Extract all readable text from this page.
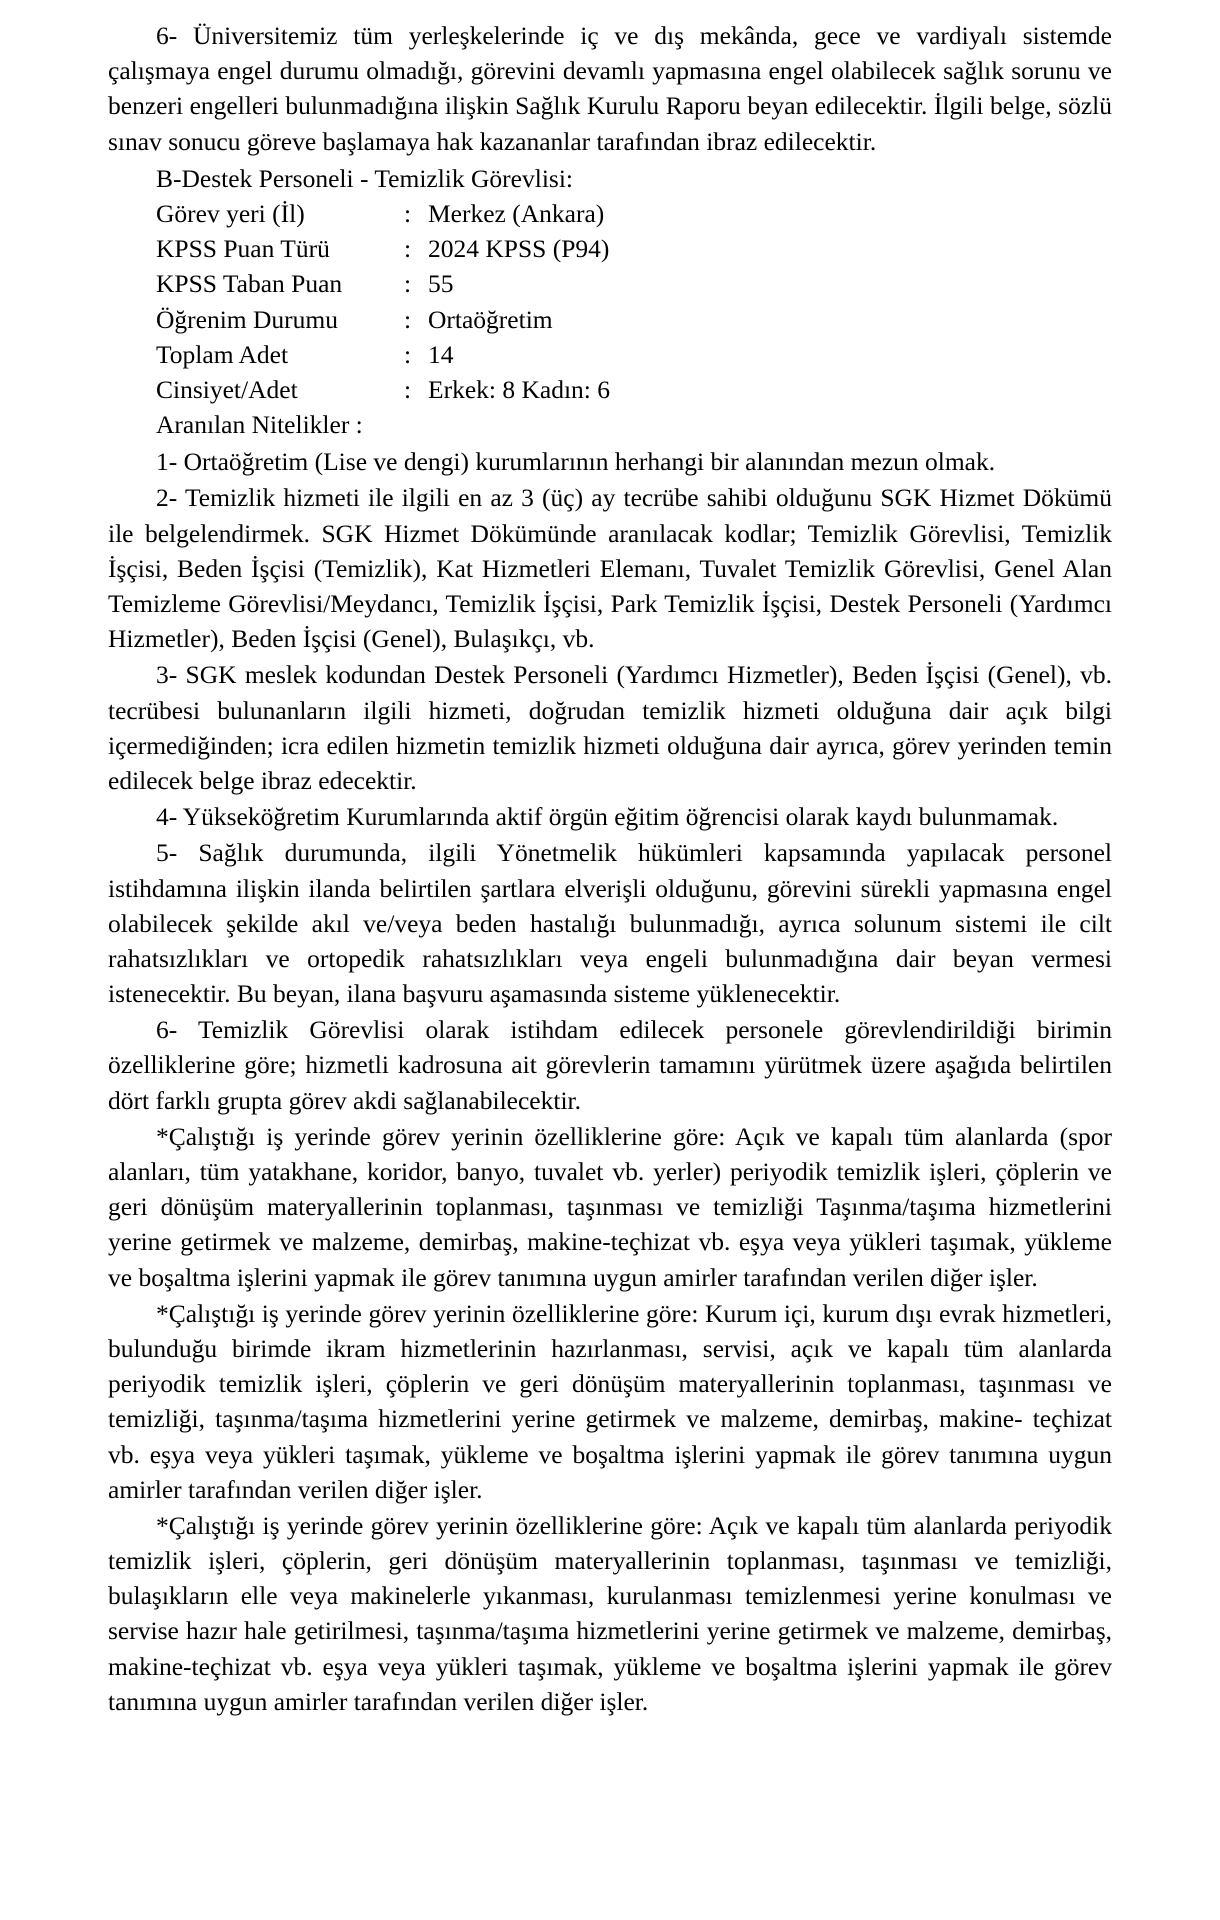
6- Üniversitemiz tüm yerleşkelerinde iç ve dış mekânda, gece ve vardiyalı sistemde çalışmaya engel durumu olmadığı, görevini devamlı yapmasına engel olabilecek sağlık sorunu ve benzeri engelleri bulunmadığına ilişkin Sağlık Kurulu Raporu beyan edilecektir. İlgili belge, sözlü sınav sonucu göreve başlamaya hak kazananlar tarafından ibraz edilecektir.

B-Destek Personeli - Temizlik Görevlisi:

Görev yeri (İl)	: Merkez (Ankara)
KPSS Puan Türü	: 2024 KPSS (P94)
KPSS Taban Puan	: 55
Öğrenim Durumu	: Ortaöğretim
Toplam Adet	: 14
Cinsiyet/Adet	: Erkek: 8 Kadın: 6

Aranılan Nitelikler :

1- Ortaöğretim (Lise ve dengi) kurumlarının herhangi bir alanından mezun olmak.

2- Temizlik hizmeti ile ilgili en az 3 (üç) ay tecrübe sahibi olduğunu SGK Hizmet Dökümü ile belgelendirmek. SGK Hizmet Dökümünde aranılacak kodlar; Temizlik Görevlisi, Temizlik İşçisi, Beden İşçisi (Temizlik), Kat Hizmetleri Elemanı, Tuvalet Temizlik Görevlisi, Genel Alan Temizleme Görevlisi/Meydancı, Temizlik İşçisi, Park Temizlik İşçisi, Destek Personeli (Yardımcı Hizmetler), Beden İşçisi (Genel), Bulaşıkçı, vb.

3- SGK meslek kodundan Destek Personeli (Yardımcı Hizmetler), Beden İşçisi (Genel), vb. tecrübesi bulunanların ilgili hizmeti, doğrudan temizlik hizmeti olduğuna dair açık bilgi içermediğinden; icra edilen hizmetin temizlik hizmeti olduğuna dair ayrıca, görev yerinden temin edilecek belge ibraz edecektir.

4- Yükseköğretim Kurumlarında aktif örgün eğitim öğrencisi olarak kaydı bulunmamak.

5- Sağlık durumunda, ilgili Yönetmelik hükümleri kapsamında yapılacak personel istihdamına ilişkin ilanda belirtilen şartlara elverişli olduğunu, görevini sürekli yapmasına engel olabilecek şekilde akıl ve/veya beden hastalığı bulunmadığı, ayrıca solunum sistemi ile cilt rahatsızlıkları ve ortopedik rahatsızlıkları veya engeli bulunmadığına dair beyan vermesi istenecektir. Bu beyan, ilana başvuru aşamasında sisteme yüklenecektir.

6- Temizlik Görevlisi olarak istihdam edilecek personele görevlendirildiği birimin özelliklerine göre; hizmetli kadrosuna ait görevlerin tamamını yürütmek üzere aşağıda belirtilen dört farklı grupta görev akdi sağlanabilecektir.

*Çalıştığı iş yerinde görev yerinin özelliklerine göre: Açık ve kapalı tüm alanlarda (spor alanları, tüm yatakhane, koridor, banyo, tuvalet vb. yerler) periyodik temizlik işleri, çöplerin ve geri dönüşüm materyallerinin toplanması, taşınması ve temizliği Taşınma/taşıma hizmetlerini yerine getirmek ve malzeme, demirbaş, makine-teçhizat vb. eşya veya yükleri taşımak, yükleme ve boşaltma işlerini yapmak ile görev tanımına uygun amirler tarafından verilen diğer işler.

*Çalıştığı iş yerinde görev yerinin özelliklerine göre: Kurum içi, kurum dışı evrak hizmetleri, bulunduğu birimde ikram hizmetlerinin hazırlanması, servisi, açık ve kapalı tüm alanlarda periyodik temizlik işleri, çöplerin ve geri dönüşüm materyallerinin toplanması, taşınması ve temizliği, taşınma/taşıma hizmetlerini yerine getirmek ve malzeme, demirbaş, makine- teçhizat vb. eşya veya yükleri taşımak, yükleme ve boşaltma işlerini yapmak ile görev tanımına uygun amirler tarafından verilen diğer işler.

*Çalıştığı iş yerinde görev yerinin özelliklerine göre: Açık ve kapalı tüm alanlarda periyodik temizlik işleri, çöplerin, geri dönüşüm materyallerinin toplanması, taşınması ve temizliği, bulaşıkların elle veya makinelerle yıkanması, kurulanması temizlenmesi yerine konulması ve servise hazır hale getirilmesi, taşınma/taşıma hizmetlerini yerine getirmek ve malzeme, demirbaş, makine-teçhizat vb. eşya veya yükleri taşımak, yükleme ve boşaltma işlerini yapmak ile görev tanımına uygun amirler tarafından verilen diğer işler.
